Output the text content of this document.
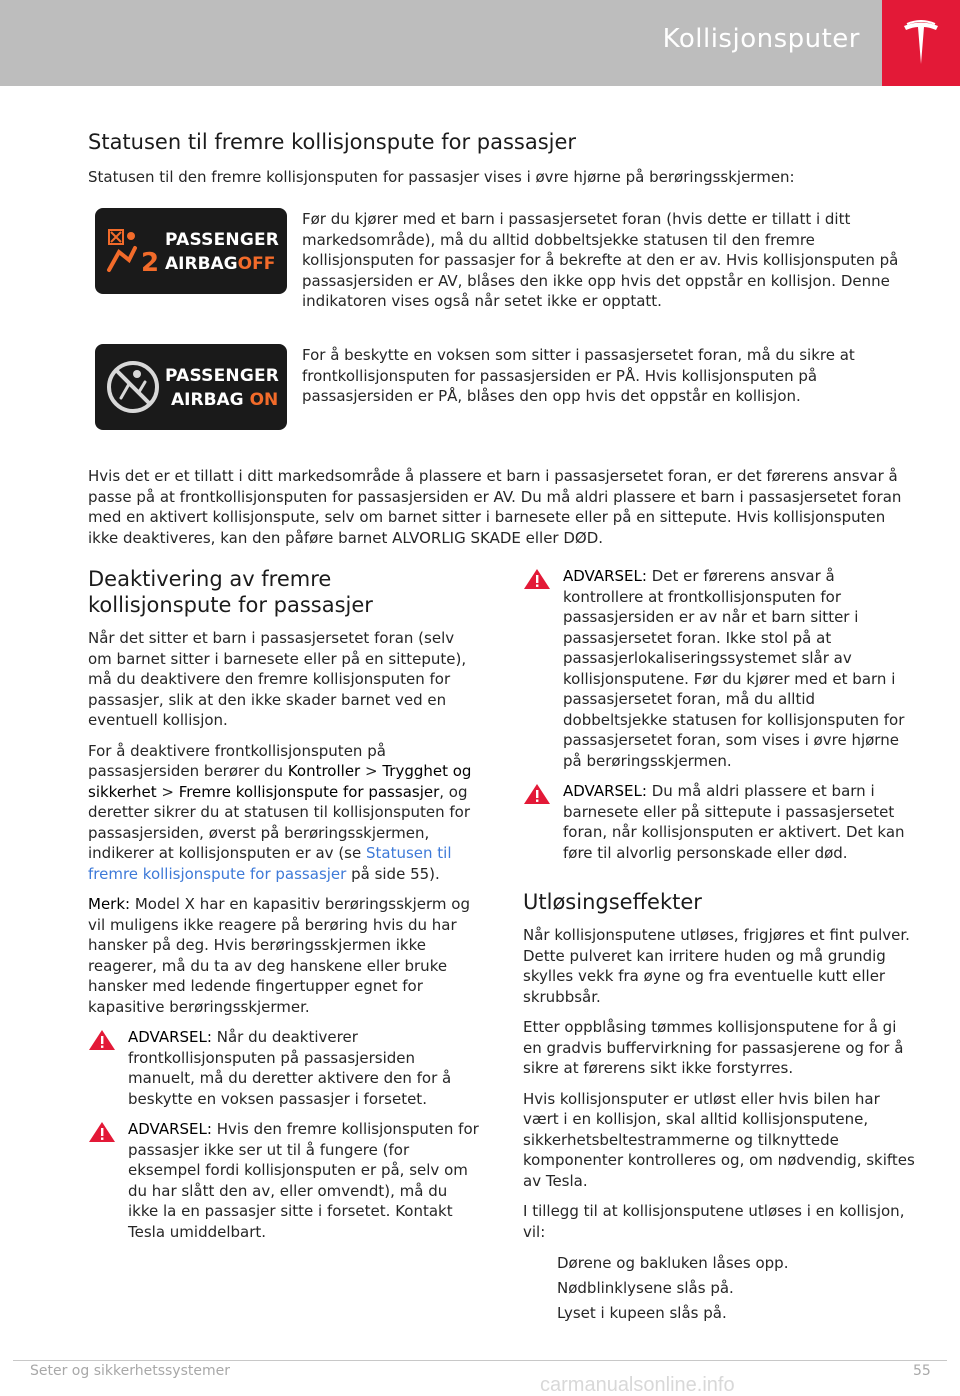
Kollisjonsputer
Statusen til fremre kollisjonspute for passasjer
Statusen til den fremre kollisjonsputen for passasjer vises i øvre hjørne på berøringsskjermen:
2
PASSENGER
AIRBAGOFF
Før du kjører med et barn i passasjersetet foran (hvis dette er tillatt i ditt markedsområde), må du alltid dobbeltsjekke statusen til den fremre kollisjonsputen for passasjer for å bekrefte at den er av. Hvis kollisjonsputen på passasjersiden er AV, blåses den ikke opp hvis det oppstår en kollisjon. Denne indikatoren vises også når setet ikke er opptatt.
PASSENGER
AIRBAG ON
For å beskytte en voksen som sitter i passasjersetet foran, må du sikre at frontkollisjonsputen for passasjersiden er PÅ. Hvis kollisjonsputen på passasjersiden er PÅ, blåses den opp hvis det oppstår en kollisjon.
Hvis det er et tillatt i ditt markedsområde å plassere et barn i passasjersetet foran, er det førerens ansvar å passe på at frontkollisjonsputen for passasjersiden er AV. Du må aldri plassere et barn i passasjersetet foran med en aktivert kollisjonspute, selv om barnet sitter i barnesete eller på en sittepute. Hvis kollisjonsputen ikke deaktiveres, kan den påføre barnet ALVORLIG SKADE eller DØD.
Deaktivering av fremre kollisjonspute for passasjer
Når det sitter et barn i passasjersetet foran (selv om barnet sitter i barnesete eller på en sittepute), må du deaktivere den fremre kollisjonsputen for passasjer, slik at den ikke skader barnet ved en eventuell kollisjon.
For å deaktivere frontkollisjonsputen på passasjersiden berører du Kontroller > Trygghet og sikkerhet > Fremre kollisjonspute for passasjer, og deretter sikrer du at statusen til kollisjonsputen for passasjersiden, øverst på berøringsskjermen, indikerer at kollisjonsputen er av (se Statusen til fremre kollisjonspute for passasjer på side 55).
Merk: Model X har en kapasitiv berøringsskjerm og vil muligens ikke reagere på berøring hvis du har hansker på deg. Hvis berøringsskjermen ikke reagerer, må du ta av deg hanskene eller bruke hansker med ledende fingertupper egnet for kapasitive berøringsskjermer.
ADVARSEL: Når du deaktiverer frontkollisjonsputen på passasjersiden manuelt, må du deretter aktivere den for å beskytte en voksen passasjer i forsetet.
ADVARSEL: Hvis den fremre kollisjonsputen for passasjer ikke ser ut til å fungere (for eksempel fordi kollisjonsputen er på, selv om du har slått den av, eller omvendt), må du ikke la en passasjer sitte i forsetet. Kontakt Tesla umiddelbart.
ADVARSEL: Det er førerens ansvar å kontrollere at frontkollisjonsputen for passasjersiden er av når et barn sitter i passasjersetet foran. Ikke stol på at passasjerlokaliseringssystemet slår av kollisjonsputene. Før du kjører med et barn i passasjersetet foran, må du alltid dobbeltsjekke statusen for kollisjonsputen for passasjersetet foran, som vises i øvre hjørne på berøringsskjermen.
ADVARSEL: Du må aldri plassere et barn i barnesete eller på sittepute i passasjersetet foran, når kollisjonsputen er aktivert. Det kan føre til alvorlig personskade eller død.
Utløsingseffekter
Når kollisjonsputene utløses, frigjøres et fint pulver. Dette pulveret kan irritere huden og må grundig skylles vekk fra øyne og fra eventuelle kutt eller skrubbsår.
Etter oppblåsing tømmes kollisjonsputene for å gi en gradvis buffervirkning for passasjerene og for å sikre at førerens sikt ikke forstyrres.
Hvis kollisjonsputer er utløst eller hvis bilen har vært i en kollisjon, skal alltid kollisjonsputene, sikkerhetsbeltestrammerne og tilknyttede komponenter kontrolleres og, om nødvendig, skiftes av Tesla.
I tillegg til at kollisjonsputene utløses i en kollisjon, vil:
Dørene og bakluken låses opp.
Nødblinklysene slås på.
Lyset i kupeen slås på.
Seter og sikkerhetssystemer	55
carmanualsonline.info
